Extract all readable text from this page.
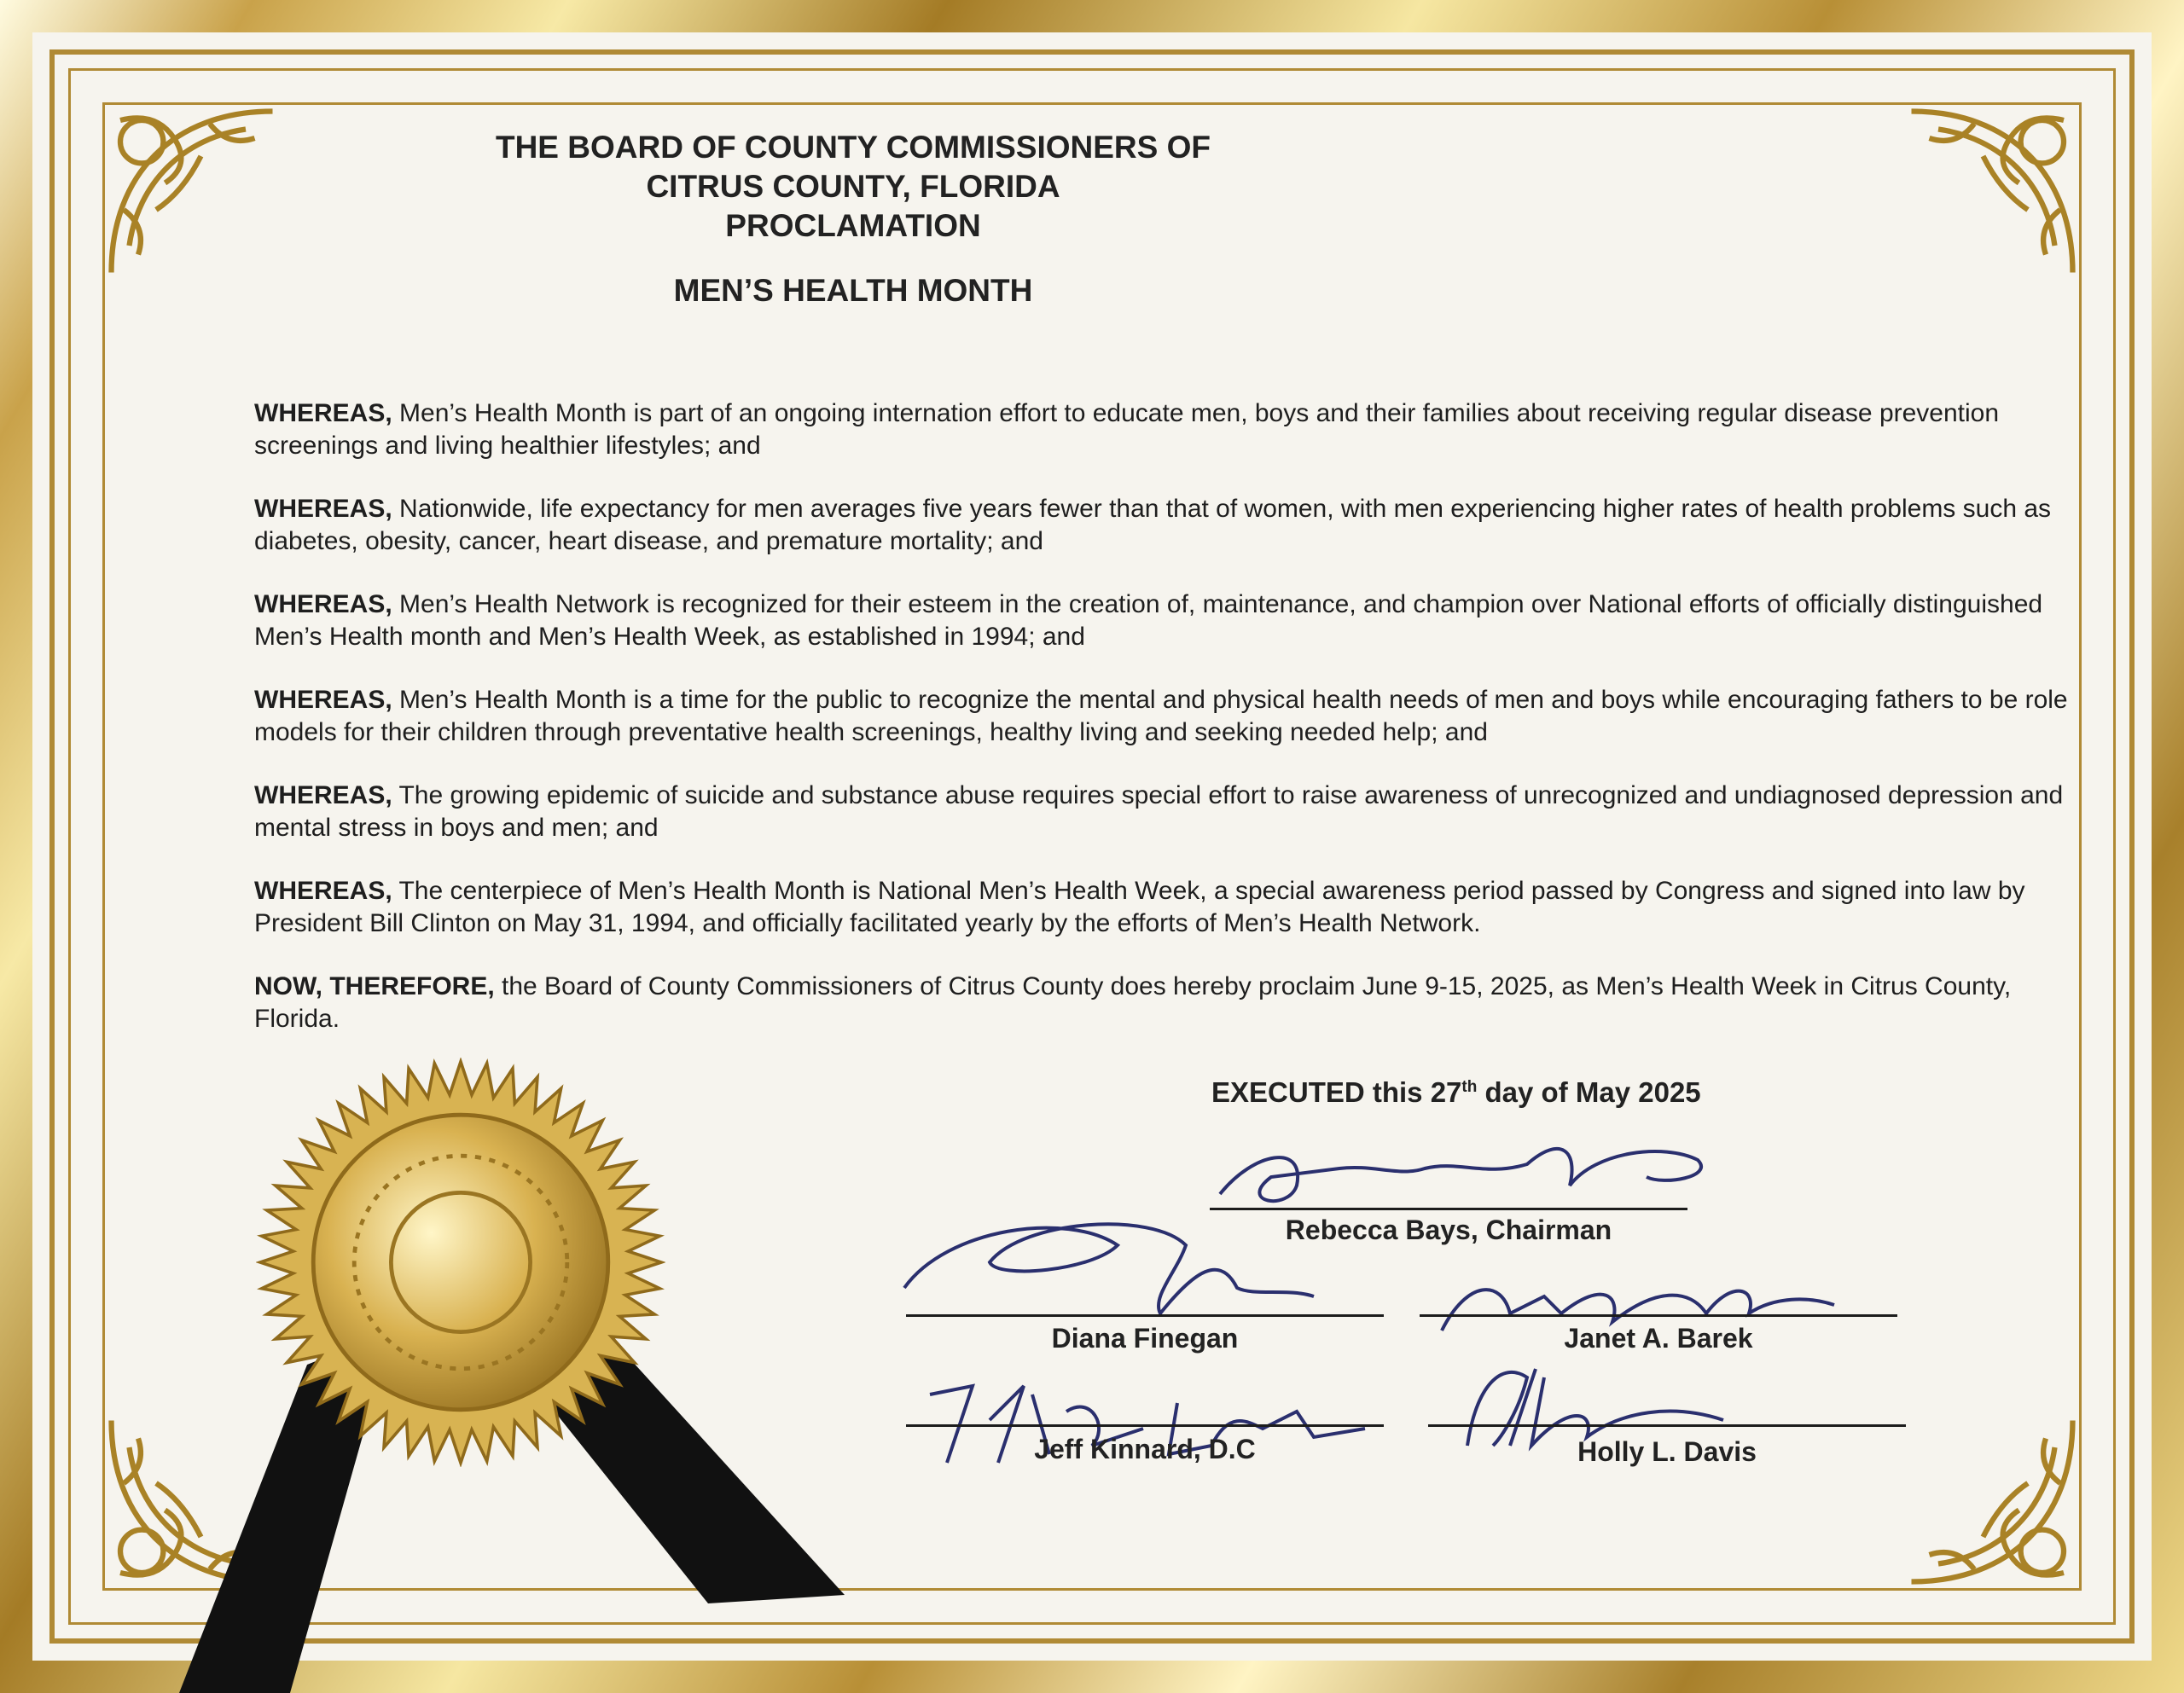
THE BOARD OF COUNTY COMMISSIONERS OF
CITRUS COUNTY, FLORIDA
PROCLAMATION
MEN’S HEALTH MONTH

WHEREAS, Men’s Health Month is part of an ongoing internation effort to educate men, boys and their families about receiving regular disease prevention screenings and living healthier lifestyles; and

WHEREAS, Nationwide, life expectancy for men averages five years fewer than that of women, with men experiencing higher rates of health problems such as diabetes, obesity, cancer, heart disease, and premature mortality; and

WHEREAS, Men’s Health Network is recognized for their esteem in the creation of, maintenance, and champion over National efforts of officially distinguished Men’s Health month and Men’s Health Week, as established in 1994; and

WHEREAS, Men’s Health Month is a time for the public to recognize the mental and physical health needs of men and boys while encouraging fathers to be role models for their children through preventative health screenings, healthy living and seeking needed help; and

WHEREAS, The growing epidemic of suicide and substance abuse requires special effort to raise awareness of unrecognized and undiagnosed depression and mental stress in boys and men; and

WHEREAS, The centerpiece of Men’s Health Month is National Men’s Health Week, a special awareness period passed by Congress and signed into law by President Bill Clinton on May 31, 1994, and officially facilitated yearly by the efforts of Men’s Health Network.

NOW, THEREFORE, the Board of County Commissioners of Citrus County does hereby proclaim June 9-15, 2025, as Men’s Health Week in Citrus County, Florida.

EXECUTED this 27th day of May 2025
Rebecca Bays, Chairman
Diana Finegan	Janet A. Barek
Jeff Kinnard, D.C	Holly L. Davis
